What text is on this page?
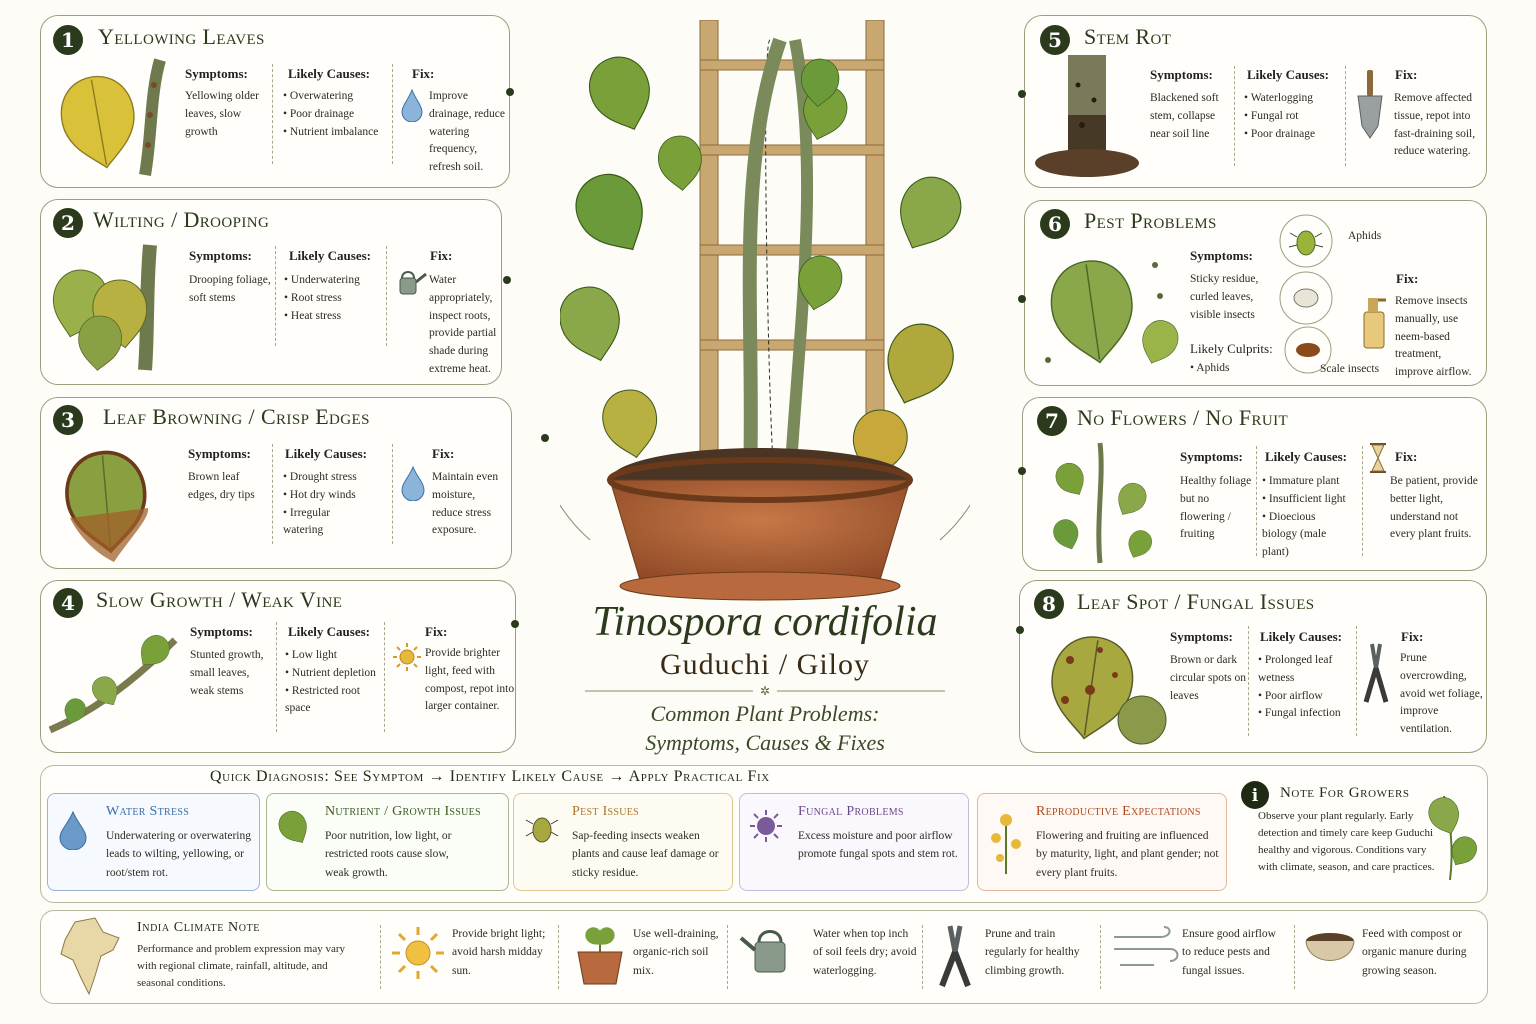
1	Yellowing Leaves
Symptoms:
Yellowing older leaves, slow growth
Likely Causes:
• Overwatering
• Poor drainage
• Nutrient imbalance
Fix:
Improve drainage, reduce watering frequency, refresh soil.
2 Wilting / Drooping
Symptoms:
Drooping foliage, soft stems
Likely Causes:
• Underwatering
• Root stress
• Heat stress
Fix:
Water appropriately, inspect roots, provide partial shade during extreme heat.
3	Leaf Browning / Crisp Edges
Symptoms:
Brown leaf edges, dry tips
Likely Causes:
• Drought stress
• Hot dry winds
• Irregular watering
Fix:
Maintain even moisture, reduce stress exposure.
4 Slow Growth / Weak Vine
Symptoms:
Stunted growth, small leaves, weak stems
Likely Causes:
• Low light
• Nutrient depletion
• Restricted root space
Fix:
Provide brighter light, feed with compost, repot into larger container.
5	Stem Rot
Symptoms:
Blackened soft stem, collapse near soil line
Likely Causes:
• Waterlogging
• Fungal rot
• Poor drainage
Fix:
Remove affected tissue, repot into fast-draining soil, reduce watering.
6	Pest Problems
Symptoms:
Sticky residue, curled leaves, visible insects
Likely Culprits:
• Aphids
Aphids
Scale insects
Fix:
Remove insects manually, use neem-based treatment, improve airflow.
7 No Flowers / No Fruit
Symptoms:
Healthy foliage but no flowering / fruiting
Likely Causes:
• Immature plant
• Insufficient light
• Dioecious biology (male plant)
Fix:
Be patient, provide better light, understand not every plant fruits.
8 Leaf Spot / Fungal Issues
Symptoms:
Brown or dark circular spots on leaves
Likely Causes:
• Prolonged leaf wetness
• Poor airflow
• Fungal infection
Fix:
Prune overcrowding, avoid wet foliage, improve ventilation.
Tinospora cordifolia
Guduchi / Giloy
✲
Common Plant Problems:
Symptoms, Causes & Fixes
Quick Diagnosis: See Symptom → Identify Likely Cause → Apply Practical Fix
Water Stress
Underwatering or overwatering leads to wilting, yellowing, or root/stem rot.
Nutrient / Growth Issues
Poor nutrition, low light, or restricted roots cause slow, weak growth.
Pest Issues
Sap-feeding insects weaken plants and cause leaf damage or sticky residue.
Fungal Problems
Excess moisture and poor airflow promote fungal spots and stem rot.
Reproductive Expectations
Flowering and fruiting are influenced by maturity, light, and plant gender; not every plant fruits.
i Note For Growers
Observe your plant regularly. Early detection and timely care keep Guduchi healthy and vigorous. Conditions vary with climate, season, and care practices.
India Climate Note
Performance and problem expression may vary with regional climate, rainfall, altitude, and seasonal conditions.
Provide bright light; avoid harsh midday sun.
Use well-draining, organic-rich soil mix.
Water when top inch of soil feels dry; avoid waterlogging.
Prune and train regularly for healthy climbing growth.
Ensure good airflow to reduce pests and fungal issues.
Feed with compost or organic manure during growing season.
